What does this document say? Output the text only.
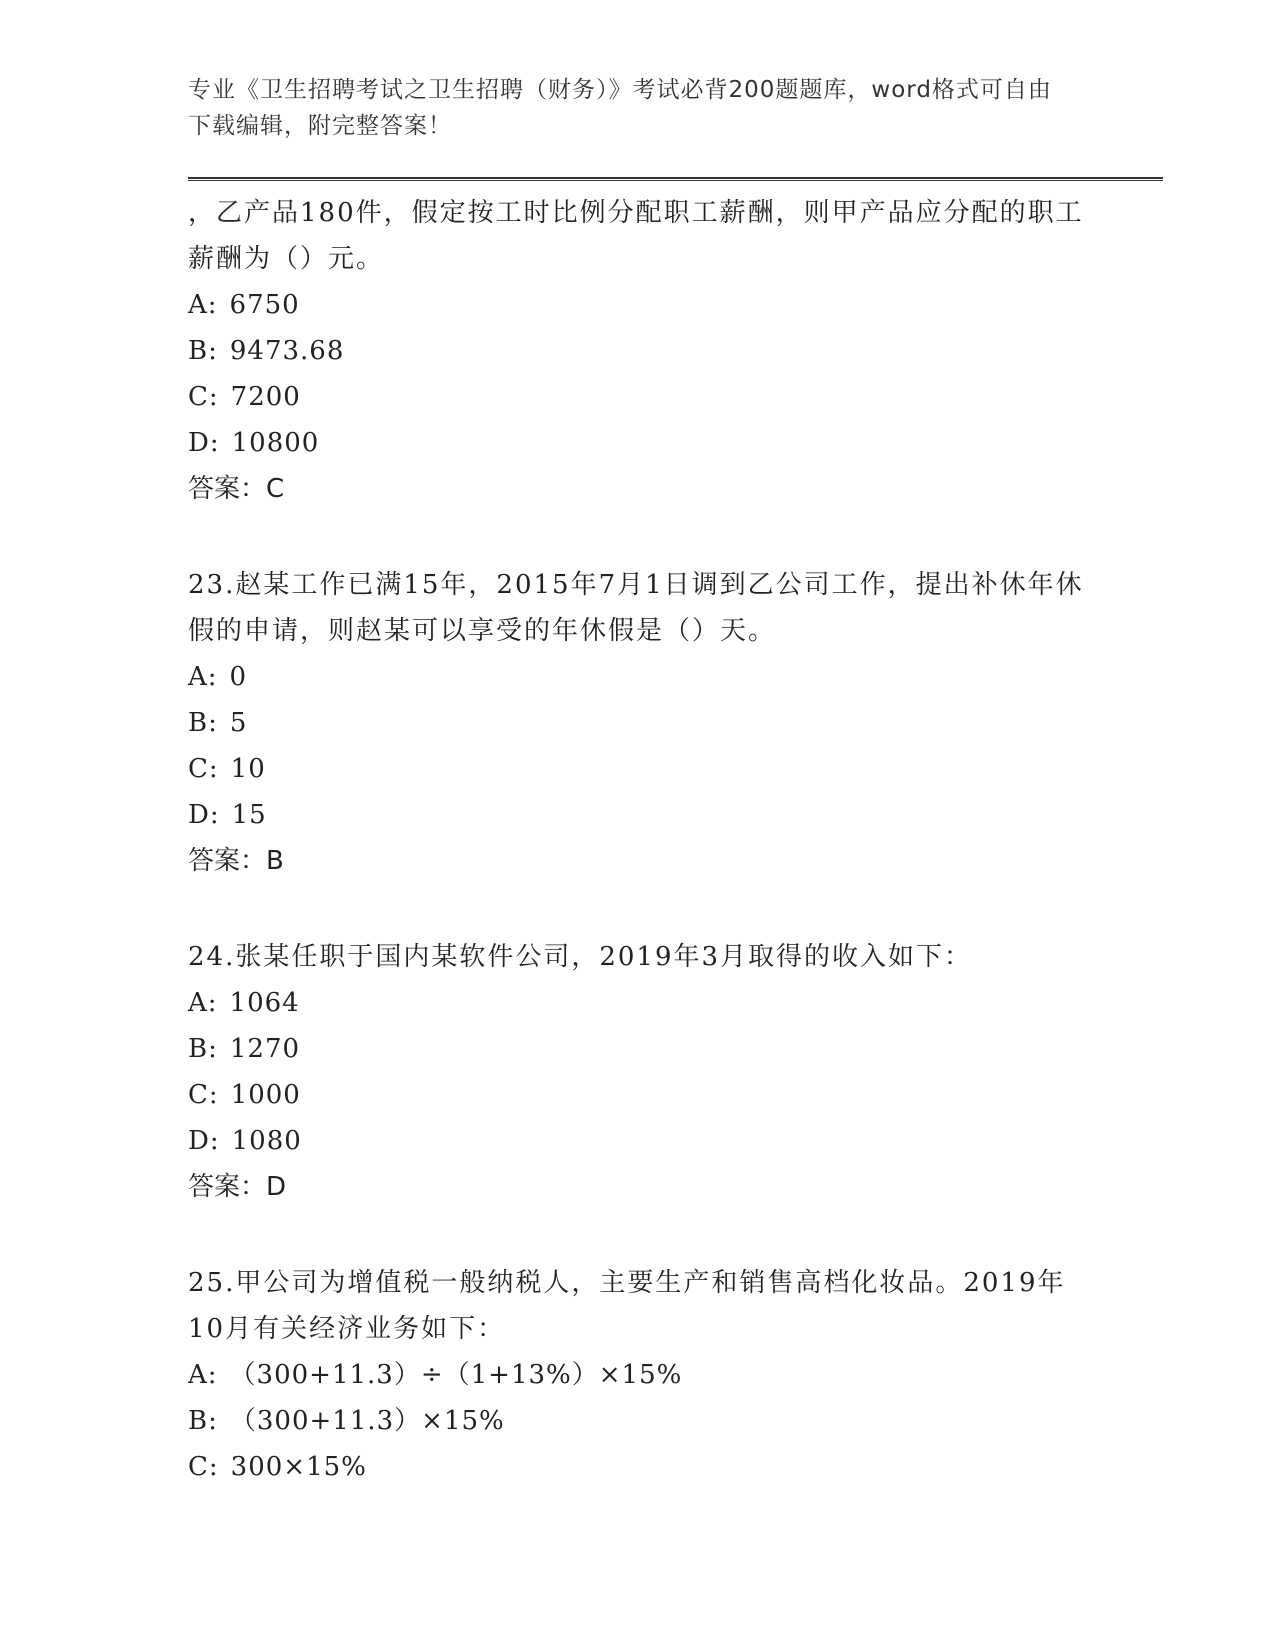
专业《卫生招聘考试之卫生招聘（财务）》考试必背200题题库，word格式可自由下载编辑，附完整答案！

，乙产品180件，假定按工时比例分配职工薪酬，则甲产品应分配的职工薪酬为（）元。

A: 6750

B: 9473.68

C: 7200

D: 10800

答案：C

23.赵某工作已满15年，2015年7月1日调到乙公司工作，提出补休年休假的申请，则赵某可以享受的年休假是（）天。

A: 0

B: 5

C: 10

D: 15

答案：B

24.张某任职于国内某软件公司，2019年3月取得的收入如下：

A: 1064

B: 1270

C: 1000

D: 1080

答案：D

25.甲公司为增值税一般纳税人，主要生产和销售高档化妆品。2019年10月有关经济业务如下：

A: （300+11.3）÷（1+13%）×15%

B: （300+11.3）×15%

C: 300×15%
